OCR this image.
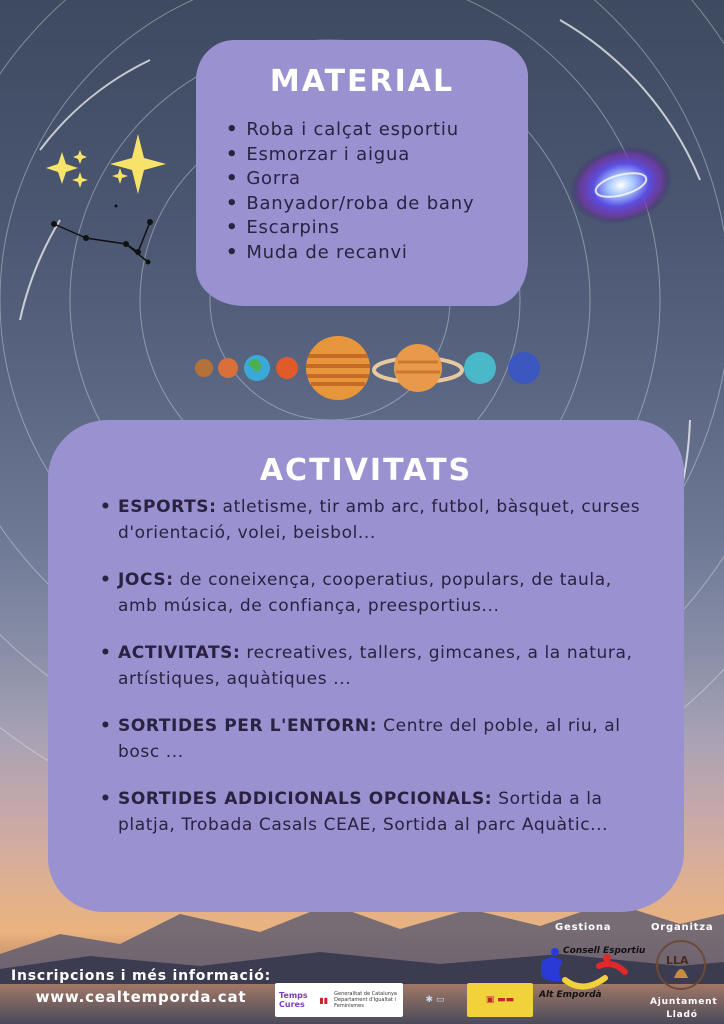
MATERIAL
• Roba i calçat esportiu
• Esmorzar i aigua
• Gorra
• Banyador/roba de bany
• Escarpins
• Muda de recanvi
ACTIVITATS
• ESPORTS: atletisme, tir amb arc, futbol, bàsquet, curses d'orientació, volei, beisbol...
• JOCS: de coneixença, cooperatius, populars, de taula, amb música, de confiança, preesportius...
• ACTIVITATS: recreatives, tallers, gimcanes, a la natura, artístiques, aquàtiques ...
• SORTIDES PER L'ENTORN: Centre del poble, al riu, al bosc ...
• SORTIDES ADDICIONALS OPCIONALS: Sortida a la platja, Trobada Casals CEAE, Sortida al parc Aquàtic...
Inscripcions i més informació:
www.cealtemporda.cat	Temps Cures	▮▮
Generalitat de Catalunya Departament d'Igualtat i Feminismes
✱ ▭	▣ ▬▬
Gestiona	Organitza
Consell Esportiu
Alt Empordà
LLA
Ajuntament Lladó
